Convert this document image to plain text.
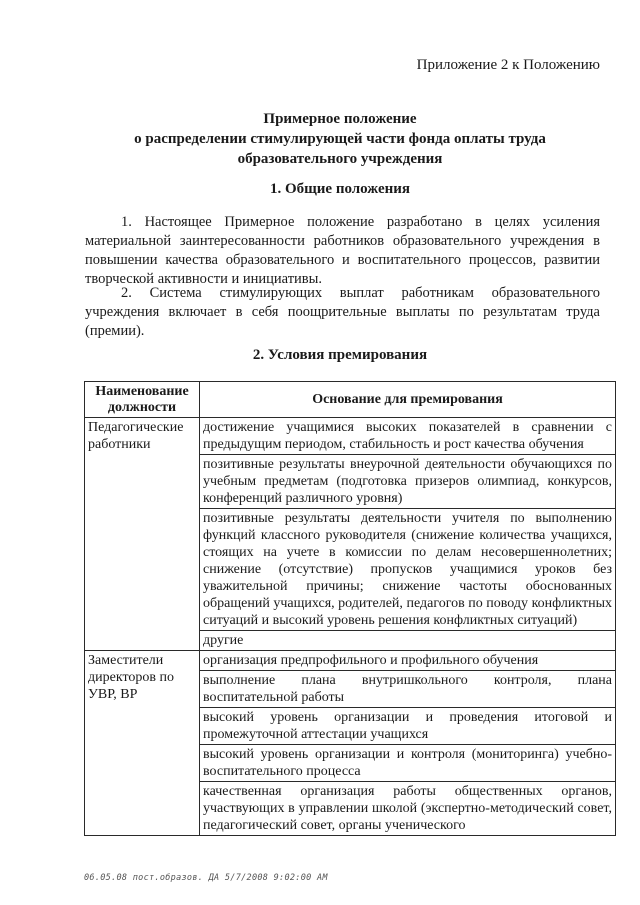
Приложение 2 к Положению
Примерное положение
о распределении стимулирующей части фонда оплаты труда
образовательного учреждения
1. Общие положения
1. Настоящее Примерное положение разработано в целях усиления материальной заинтересованности работников образовательного учреждения в повышении качества образовательного и воспитательного процессов, развитии творческой активности и инициативы.
2. Система стимулирующих выплат работникам образовательного учреждения включает в себя поощрительные выплаты по результатам труда (премии).
2. Условия премирования
Наименование должности	Основание для премирования
Педагогические работники	достижение учащимися высоких показателей в сравнении с предыдущим периодом, стабильность и рост качества обучения
	позитивные результаты внеурочной деятельности обучающихся по учебным предметам (подготовка призеров олимпиад, конкурсов, конференций различного уровня)
	позитивные результаты деятельности учителя по выполнению функций классного руководителя (снижение количества учащихся, стоящих на учете в комиссии по делам несовершеннолетних; снижение (отсутствие) пропусков учащимися уроков без уважительной причины; снижение частоты обоснованных обращений учащихся, родителей, педагогов по поводу конфликтных ситуаций и высокий уровень решения конфликтных ситуаций)
	другие
Заместители директоров по УВР, ВР	организация предпрофильного и профильного обучения
	выполнение плана внутришкольного контроля, плана воспитательной работы
	высокий уровень организации и проведения итоговой и промежуточной аттестации учащихся
	высокий уровень организации и контроля (мониторинга) учебно-воспитательного процесса
	качественная организация работы общественных органов, участвующих в управлении школой (экспертно-методический совет, педагогический совет, органы ученического
06.05.08 пост.образов. ДА 5/7/2008 9:02:00 AM
